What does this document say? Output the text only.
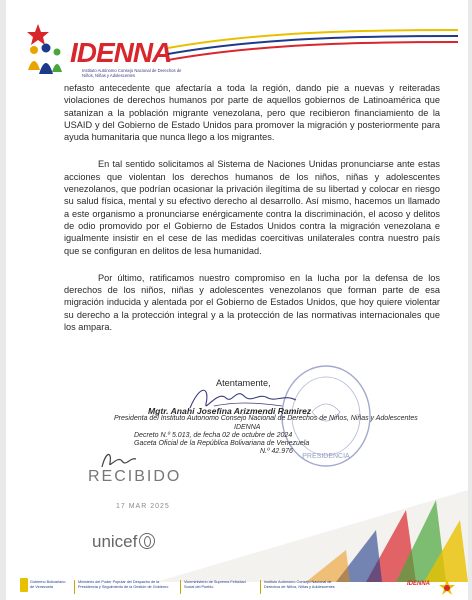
IDENNA
Instituto Autónomo Consejo Nacional de Derechos de Niños, Niñas y Adolescentes

nefasto antecedente que afectaría a toda la región, dando pie a nuevas y reiteradas violaciones de derechos humanos por parte de aquellos gobiernos de Latinoamérica que satanizan a la población migrante venezolana, pero que recibieron financiamiento de la USAID y del Gobierno de Estado Unidos para promover la migración y posteriormente para ayuda humanitaria que nunca llego a los migrantes.

En tal sentido solicitamos al Sistema de Naciones Unidas pronunciarse ante estas acciones que violentan los derechos humanos de los niños, niñas y adolescentes venezolanos, que podrían ocasionar la privación ilegítima de su libertad y colocar en riesgo su salud física, mental y su efectivo derecho al desarrollo. Así mismo, hacemos un llamado a este organismo a pronunciarse enérgicamente contra la discriminación, el acoso y delitos de odio promovido por el Gobierno de Estados Unidos contra la migración venezolana e igualmente insistir en el cese de las medidas coercitivas unilaterales contra nuestro país que se configuran en delitos de lesa humanidad.

Por último, ratificamos nuestro compromiso en la lucha por la defensa de los derechos de los niños, niñas y adolescentes venezolanos que forman parte de esa migración inducida y alentada por el Gobierno de Estados Unidos, que hoy quiere violentar su derecho a la protección integral y a la protección de las normativas internacionales que los ampara.

PRESIDENCIA
Atentamente,
Mgtr. Anahi Josefina Arizmendi Ramirez
Presidenta del Instituto Autonomo Consejo Nacional de Derechos de Niños, Niñas y Adolescentes
IDENNA
Decreto N.º 5.013, de fecha 02 de octubre de 2024
Gaceta Oficial de la República Bolivariana de Venezuela
N.º 42.976
RECIBIDO
17 MAR 2025
unicef
Gobierno Bolivariano de Venezuela
Ministerio del Poder Popular del Despacho de la Presidencia y Seguimiento de la Gestión de Gobierno
Viceministerio de Suprema Felicidad Social del Pueblo
Instituto Autónomo Consejo Nacional de Derechos de Niños, Niñas y Adolescentes	IDENNA
